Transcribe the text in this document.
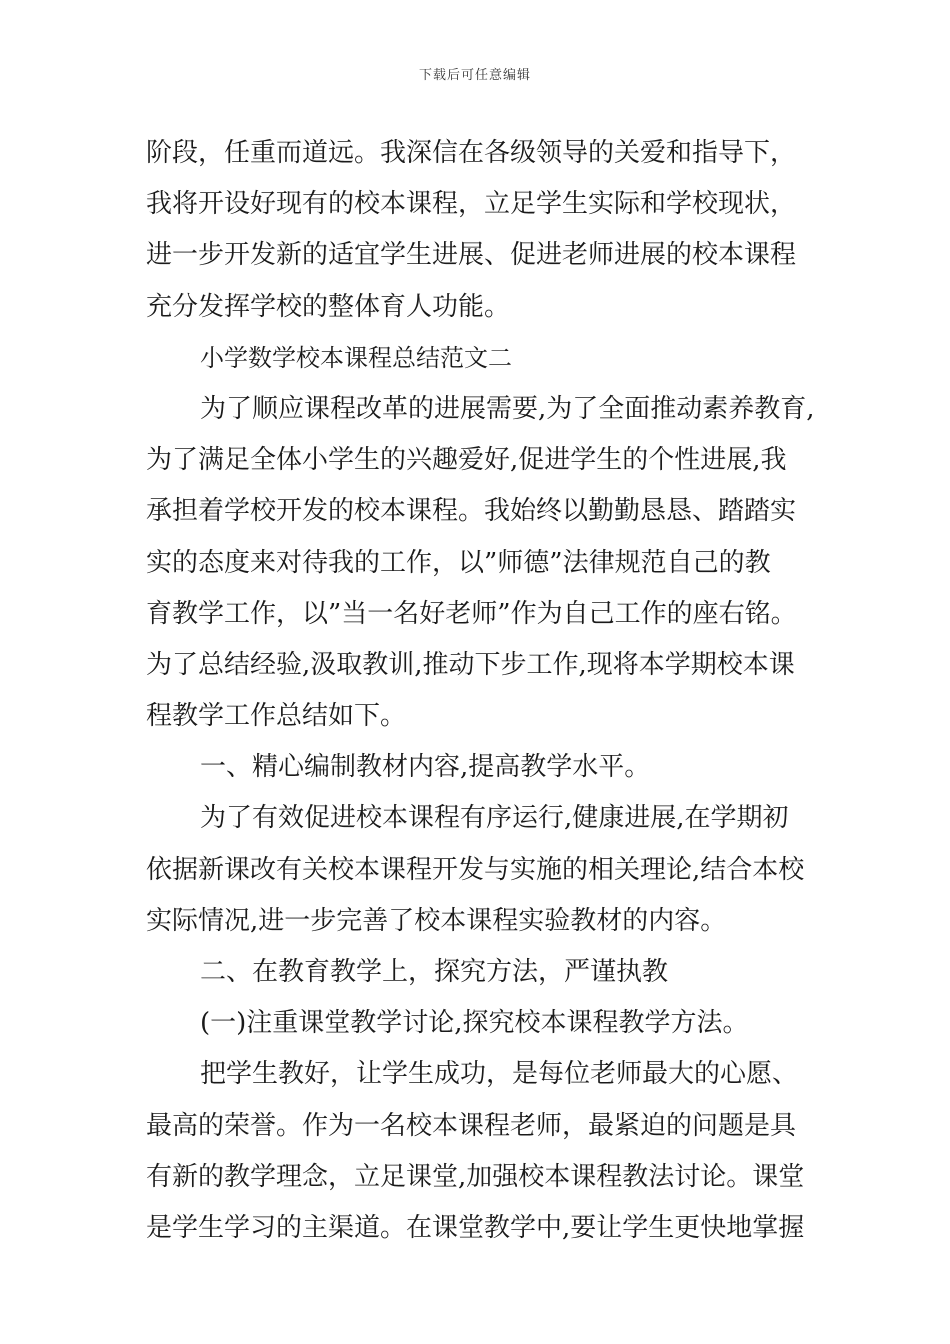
下载后可任意编辑
阶段，任重而道远。我深信在各级领导的关爱和指导下，
我将开设好现有的校本课程，立足学生实际和学校现状，
进一步开发新的适宜学生进展、促进老师进展的校本课程
充分发挥学校的整体育人功能。
小学数学校本课程总结范文二
为了顺应课程改革的进展需要,为了全面推动素养教育,
为了满足全体小学生的兴趣爱好,促进学生的个性进展,我
承担着学校开发的校本课程。我始终以勤勤恳恳、踏踏实
实的态度来对待我的工作，以”师德”法律规范自己的教
育教学工作，以”当一名好老师”作为自己工作的座右铭。
为了总结经验,汲取教训,推动下步工作,现将本学期校本课
程教学工作总结如下。
一、精心编制教材内容,提高教学水平。
为了有效促进校本课程有序运行,健康进展,在学期初
依据新课改有关校本课程开发与实施的相关理论,结合本校
实际情况,进一步完善了校本课程实验教材的内容。
二、在教育教学上，探究方法，严谨执教
(一)注重课堂教学讨论,探究校本课程教学方法。
把学生教好，让学生成功，是每位老师最大的心愿、
最高的荣誉。作为一名校本课程老师，最紧迫的问题是具
有新的教学理念，立足课堂,加强校本课程教法讨论。课堂
是学生学习的主渠道。在课堂教学中,要让学生更快地掌握
